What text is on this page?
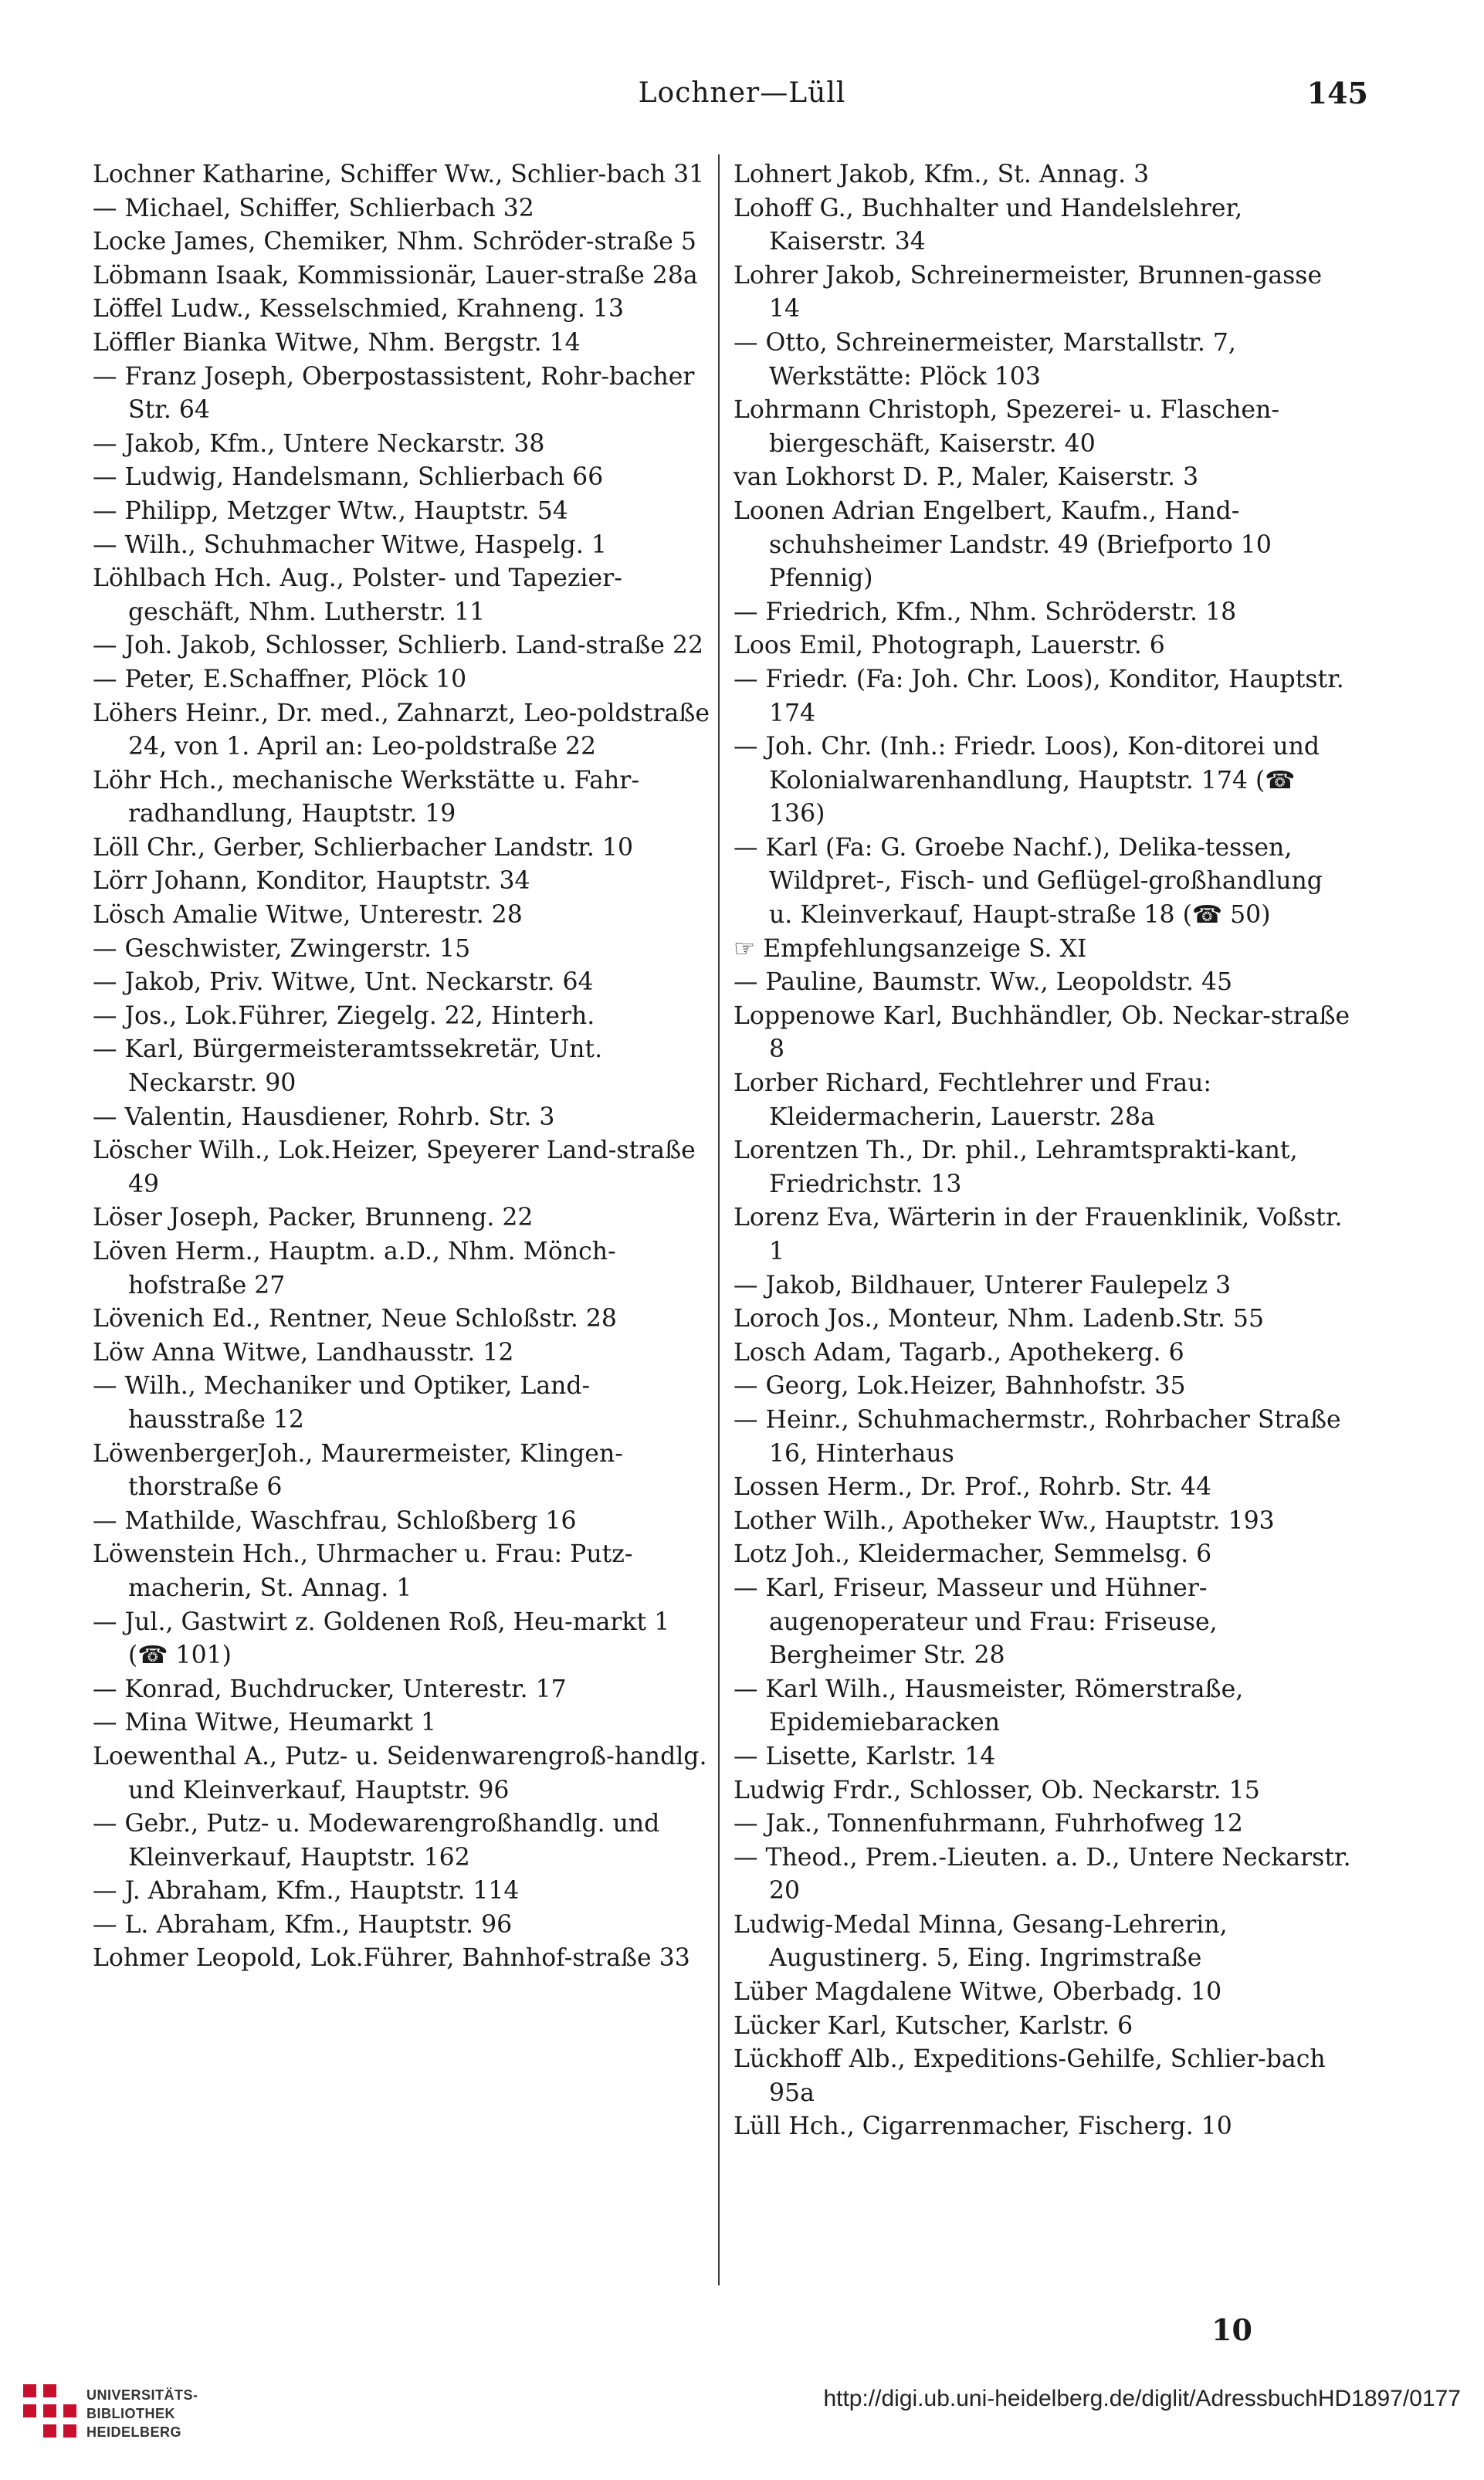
Lochner—Lüll	145

Lochner Katharine, Schiffer Ww., Schlier-bach 31

— Michael, Schiffer, Schlierbach 32

Locke James, Chemiker, Nhm. Schröder-straße 5

Löbmann Isaak, Kommissionär, Lauer-straße 28a

Löffel Ludw., Kesselschmied, Krahneng. 13

Löffler Bianka Witwe, Nhm. Bergstr. 14

— Franz Joseph, Oberpostassistent, Rohr-bacher Str. 64

— Jakob, Kfm., Untere Neckarstr. 38

— Ludwig, Handelsmann, Schlierbach 66

— Philipp, Metzger Wtw., Hauptstr. 54

— Wilh., Schuhmacher Witwe, Haspelg. 1

Löhlbach Hch. Aug., Polster- und Tapezier-geschäft, Nhm. Lutherstr. 11

— Joh. Jakob, Schlosser, Schlierb. Land-straße 22

— Peter, E.Schaffner, Plöck 10

Löhers Heinr., Dr. med., Zahnarzt, Leo-poldstraße 24, von 1. April an: Leo-poldstraße 22

Löhr Hch., mechanische Werkstätte u. Fahr-radhandlung, Hauptstr. 19

Löll Chr., Gerber, Schlierbacher Landstr. 10

Lörr Johann, Konditor, Hauptstr. 34

Lösch Amalie Witwe, Unterestr. 28

— Geschwister, Zwingerstr. 15

— Jakob, Priv. Witwe, Unt. Neckarstr. 64

— Jos., Lok.Führer, Ziegelg. 22, Hinterh.

— Karl, Bürgermeisteramtssekretär, Unt. Neckarstr. 90

— Valentin, Hausdiener, Rohrb. Str. 3

Löscher Wilh., Lok.Heizer, Speyerer Land-straße 49

Löser Joseph, Packer, Brunneng. 22

Löven Herm., Hauptm. a.D., Nhm. Mönch-hofstraße 27

Lövenich Ed., Rentner, Neue Schloßstr. 28

Löw Anna Witwe, Landhausstr. 12

— Wilh., Mechaniker und Optiker, Land-hausstraße 12

LöwenbergerJoh., Maurermeister, Klingen-thorstraße 6

— Mathilde, Waschfrau, Schloßberg 16

Löwenstein Hch., Uhrmacher u. Frau: Putz-macherin, St. Annag. 1

— Jul., Gastwirt z. Goldenen Roß, Heu-markt 1 (☎ 101)

— Konrad, Buchdrucker, Unterestr. 17

— Mina Witwe, Heumarkt 1

Loewenthal A., Putz- u. Seidenwarengroß-handlg. und Kleinverkauf, Hauptstr. 96

— Gebr., Putz- u. Modewarengroßhandlg. und Kleinverkauf, Hauptstr. 162

— J. Abraham, Kfm., Hauptstr. 114

— L. Abraham, Kfm., Hauptstr. 96

Lohmer Leopold, Lok.Führer, Bahnhof-straße 33

Lohnert Jakob, Kfm., St. Annag. 3

Lohoff G., Buchhalter und Handelslehrer, Kaiserstr. 34

Lohrer Jakob, Schreinermeister, Brunnen-gasse 14

— Otto, Schreinermeister, Marstallstr. 7, Werkstätte: Plöck 103

Lohrmann Christoph, Spezerei- u. Flaschen-biergeschäft, Kaiserstr. 40

van Lokhorst D. P., Maler, Kaiserstr. 3

Loonen Adrian Engelbert, Kaufm., Hand-schuhsheimer Landstr. 49 (Briefporto 10 Pfennig)

— Friedrich, Kfm., Nhm. Schröderstr. 18

Loos Emil, Photograph, Lauerstr. 6

— Friedr. (Fa: Joh. Chr. Loos), Konditor, Hauptstr. 174

— Joh. Chr. (Inh.: Friedr. Loos), Kon-ditorei und Kolonialwarenhandlung, Hauptstr. 174 (☎ 136)

— Karl (Fa: G. Groebe Nachf.), Delika-tessen, Wildpret-, Fisch- und Geflügel-großhandlung u. Kleinverkauf, Haupt-straße 18 (☎ 50)

☞ Empfehlungsanzeige S. XI

— Pauline, Baumstr. Ww., Leopoldstr. 45

Loppenowe Karl, Buchhändler, Ob. Neckar-straße 8

Lorber Richard, Fechtlehrer und Frau: Kleidermacherin, Lauerstr. 28a

Lorentzen Th., Dr. phil., Lehramtsprakti-kant, Friedrichstr. 13

Lorenz Eva, Wärterin in der Frauenklinik, Voßstr. 1

— Jakob, Bildhauer, Unterer Faulepelz 3

Loroch Jos., Monteur, Nhm. Ladenb.Str. 55

Losch Adam, Tagarb., Apothekerg. 6

— Georg, Lok.Heizer, Bahnhofstr. 35

— Heinr., Schuhmachermstr., Rohrbacher Straße 16, Hinterhaus

Lossen Herm., Dr. Prof., Rohrb. Str. 44

Lother Wilh., Apotheker Ww., Hauptstr. 193

Lotz Joh., Kleidermacher, Semmelsg. 6

— Karl, Friseur, Masseur und Hühner-augenoperateur und Frau: Friseuse, Bergheimer Str. 28

— Karl Wilh., Hausmeister, Römerstraße, Epidemiebaracken

— Lisette, Karlstr. 14

Ludwig Frdr., Schlosser, Ob. Neckarstr. 15

— Jak., Tonnenfuhrmann, Fuhrhofweg 12

— Theod., Prem.-Lieuten. a. D., Untere Neckarstr. 20

Ludwig-Medal Minna, Gesang-Lehrerin, Augustinerg. 5, Eing. Ingrimstraße

Lüber Magdalene Witwe, Oberbadg. 10

Lücker Karl, Kutscher, Karlstr. 6

Lückhoff Alb., Expeditions-Gehilfe, Schlier-bach 95a

Lüll Hch., Cigarrenmacher, Fischerg. 10

10
UNIVERSITÄTS-
BIBLIOTHEK
HEIDELBERG
http://digi.ub.uni-heidelberg.de/diglit/AdressbuchHD1897/0177
